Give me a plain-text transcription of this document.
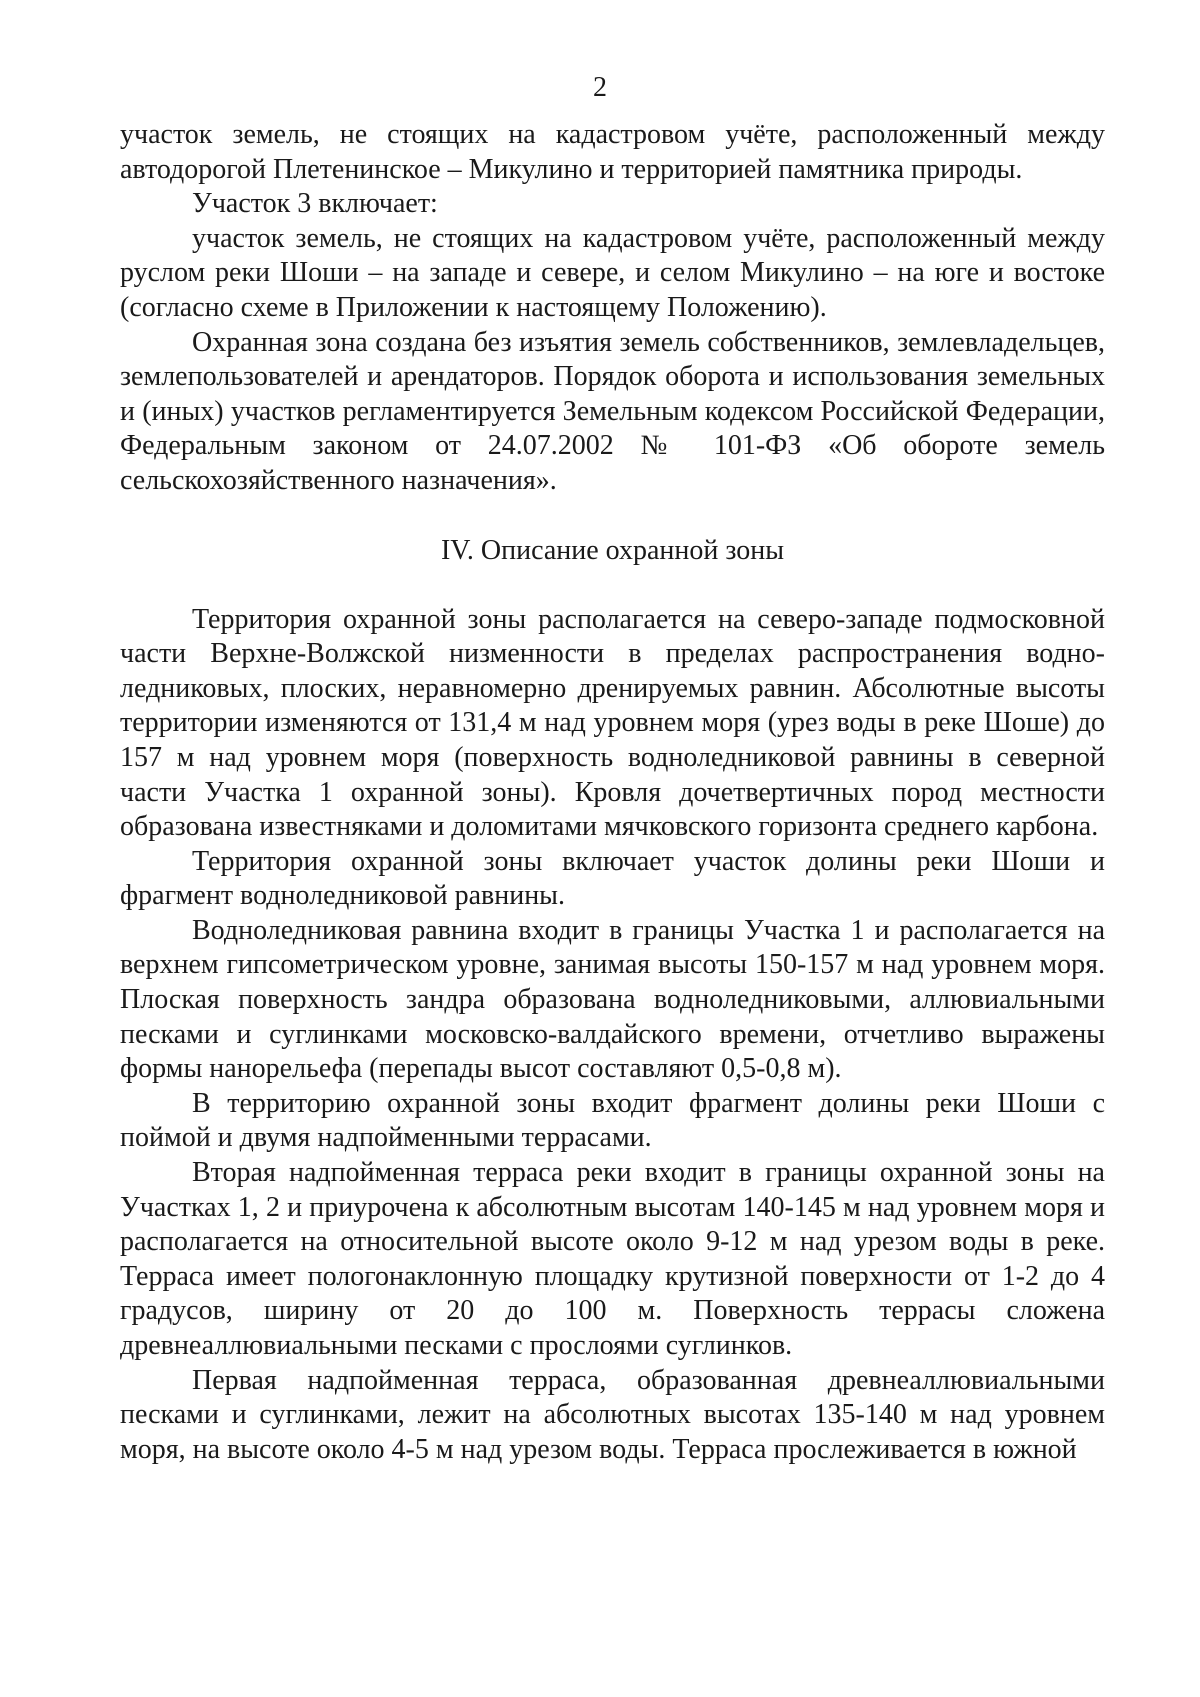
2

участок земель, не стоящих на кадастровом учёте, расположенный между автодорогой Плетенинское – Микулино и территорией памятника природы.

Участок 3 включает:

участок земель, не стоящих на кадастровом учёте, расположенный между руслом реки Шоши – на западе и севере, и селом Микулино – на юге и востоке (согласно схеме в Приложении к настоящему Положению).

Охранная зона создана без изъятия земель собственников, землевладельцев, землепользователей и арендаторов. Порядок оборота и использования земельных и (иных) участков регламентируется Земельным кодексом Российской Федерации, Федеральным законом от 24.07.2002 № 101-ФЗ «Об обороте земель сельскохозяйственного назначения».

IV. Описание охранной зоны

Территория охранной зоны располагается на северо-западе подмосковной части Верхне-Волжской низменности в пределах распространения водно-ледниковых, плоских, неравномерно дренируемых равнин. Абсолютные высоты территории изменяются от 131,4 м над уровнем моря (урез воды в реке Шоше) до 157 м над уровнем моря (поверхность водноледниковой равнины в северной части Участка 1 охранной зоны). Кровля дочетвертичных пород местности образована известняками и доломитами мячковского горизонта среднего карбона.

Территория охранной зоны включает участок долины реки Шоши и фрагмент водноледниковой равнины.

Водноледниковая равнина входит в границы Участка 1 и располагается на верхнем гипсометрическом уровне, занимая высоты 150-157 м над уровнем моря. Плоская поверхность зандра образована водноледниковыми, аллювиальными песками и суглинками московско-валдайского времени, отчетливо выражены формы нанорельефа (перепады высот составляют 0,5-0,8 м).

В территорию охранной зоны входит фрагмент долины реки Шоши с поймой и двумя надпойменными террасами.

Вторая надпойменная терраса реки входит в границы охранной зоны на Участках 1, 2 и приурочена к абсолютным высотам 140-145 м над уровнем моря и располагается на относительной высоте около 9-12 м над урезом воды в реке. Терраса имеет пологонаклонную площадку крутизной поверхности от 1-2 до 4 градусов, ширину от 20 до 100 м. Поверхность террасы сложена древнеаллювиальными песками с прослоями суглинков.

Первая надпойменная терраса, образованная древнеаллювиальными песками и суглинками, лежит на абсолютных высотах 135-140 м над уровнем моря, на высоте около 4-5 м над урезом воды. Терраса прослеживается в южной
